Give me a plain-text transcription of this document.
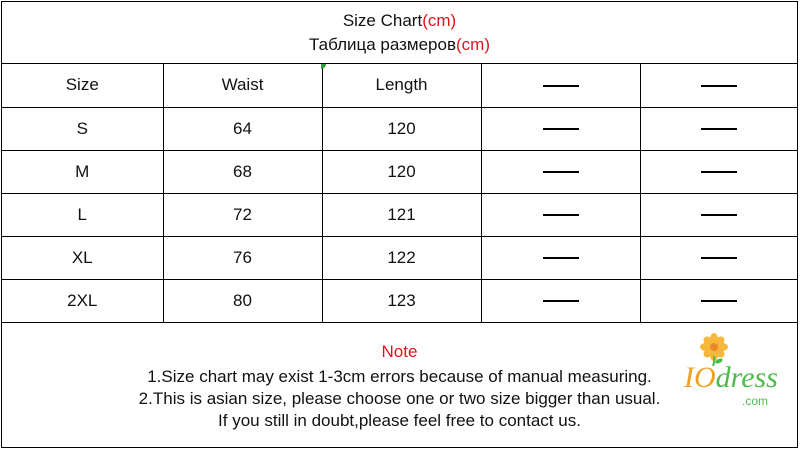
Size Chart(cm)
Таблица размеров(cm)
Size	Waist	Length		
S	64	120		
M	68	120		
L	72	121		
XL	76	122		
2XL	80	123		
Note
1.Size chart may exist 1-3cm errors because of manual measuring.
2.This is asian size, please choose one or two size bigger than usual.
If you still in doubt,please feel free to contact us.
IOdress
.com
